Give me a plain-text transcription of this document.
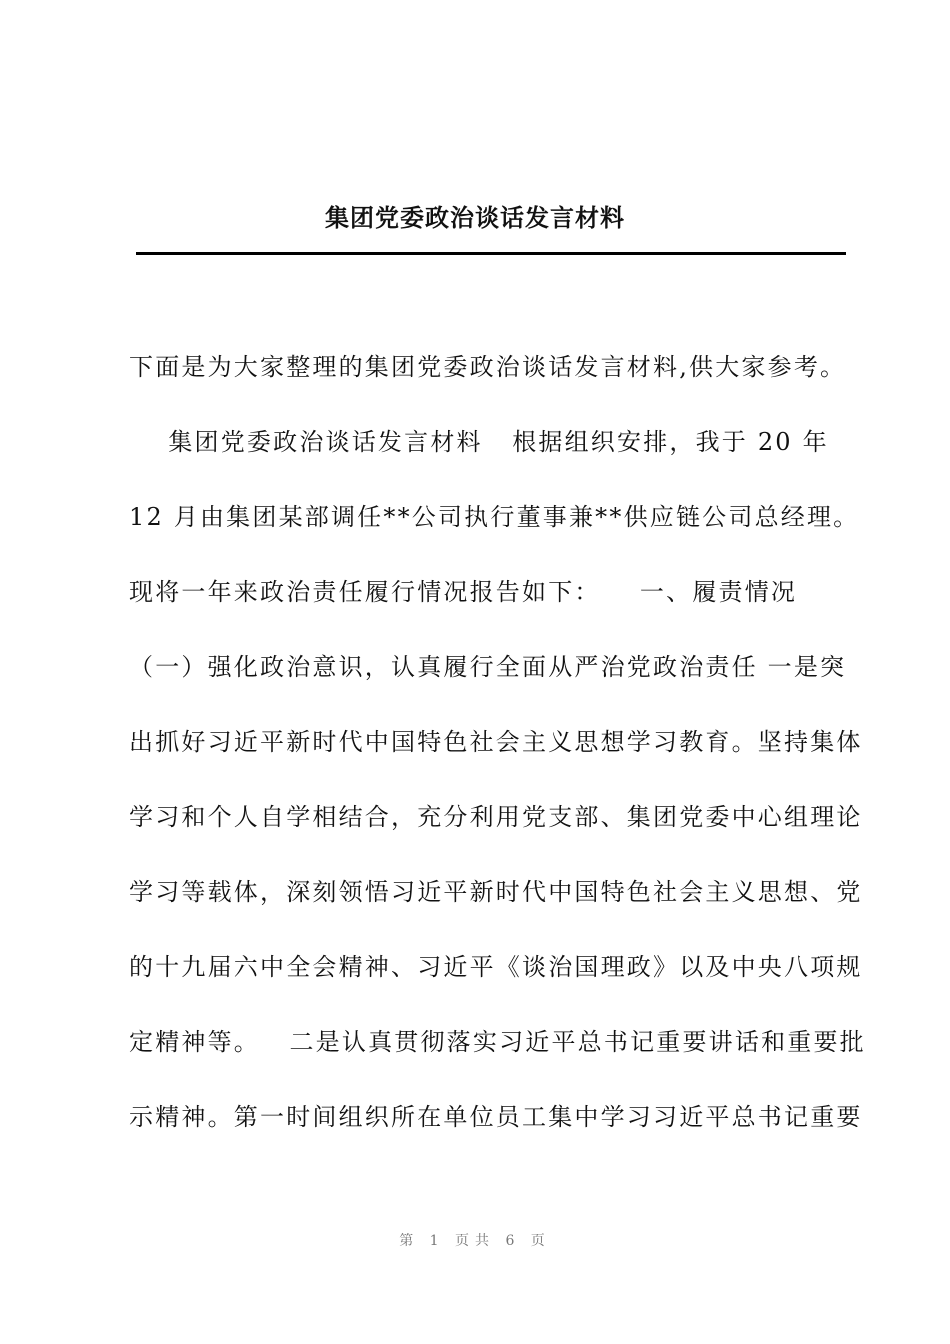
集团党委政治谈话发言材料
下面是为大家整理的集团党委政治谈话发言材料,供大家参考。
集团党委政治谈话发言材料   根据组织安排，我于 20 年
12 月由集团某部调任**公司执行董事兼**供应链公司总经理。
现将一年来政治责任履行情况报告如下：    一、履责情况
（一）强化政治意识，认真履行全面从严治党政治责任 一是突
出抓好习近平新时代中国特色社会主义思想学习教育。坚持集体
学习和个人自学相结合，充分利用党支部、集团党委中心组理论
学习等载体，深刻领悟习近平新时代中国特色社会主义思想、党
的十九届六中全会精神、习近平《谈治国理政》以及中央八项规
定精神等。   二是认真贯彻落实习近平总书记重要讲话和重要批
示精神。第一时间组织所在单位员工集中学习习近平总书记重要
第 1 页共 6 页
